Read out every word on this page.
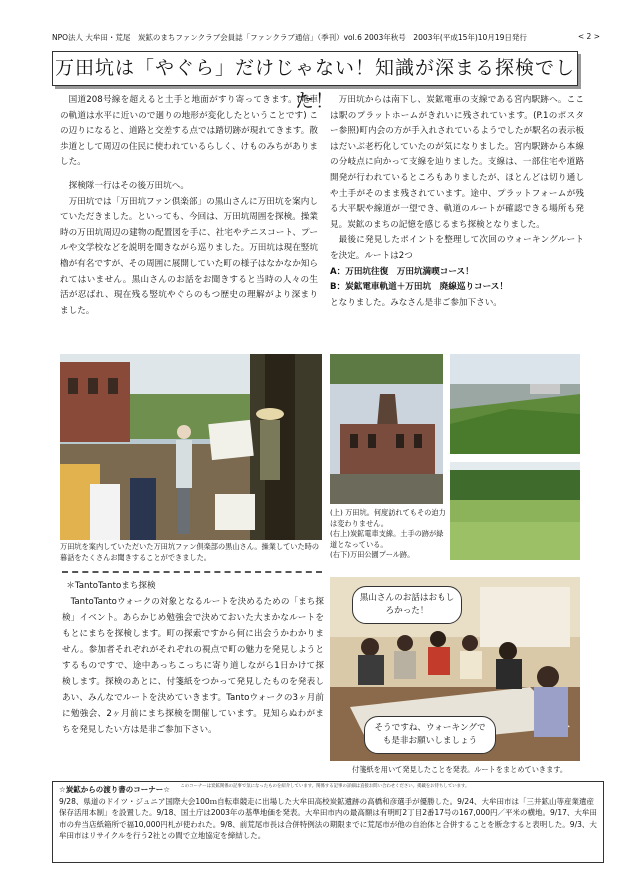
NPO法人 大牟田・荒尾　炭鉱のまちファンクラブ会員誌「ファンクラブ通信」（季刊）vol.6 2003年秋号　2003年(平成15年)10月19日発行	< 2 >
万田坑は「やぐら」だけじゃない！知識が深まる探検でした！

国道208号線を超えると土手と地面がすり寄ってきます。(電車の軌道は水平に近いので廻りの地形が変化したということです) この辺りになると、道路と交差する点では踏切跡が現れてきます。散歩道として周辺の住民に使われているらしく、けものみちがありました。

探検隊一行はその後万田坑へ。

万田坑では「万田坑ファン倶楽部」の黒山さんに万田坑を案内していただきました。といっても、今回は、万田坑周囲を探検。操業時の万田坑周辺の建物の配置図を手に、社宅やテニスコート、プールや文学校などを説明を聞きながら巡りました。万田坑は現在竪坑櫓が有名ですが、その周囲に展開していた町の様子はなかなか知られてはいません。黒山さんのお話をお聞きすると当時の人々の生活が忍ばれ、現在残る竪坑やぐらのもつ歴史の理解がより深まりました。

万田坑からは南下し、炭鉱電車の支線である宮内駅跡へ。ここは駅のプラットホームがきれいに残されています。(P.1のポスター参照)町内会の方が手入れされているようでしたが駅名の表示板はだいぶ老朽化していたのが気になりました。宮内駅跡から本線の分岐点に向かって支線を辿りました。支線は、一部住宅や道路開発が行われているところもありましたが、ほとんどは切り通しや土手がそのまま残されています。途中、プラットフォームが残る大平駅や線道が一望でき、軌道のルートが確認できる場所も発見。炭鉱のまちの記憶を感じるまち探検となりました。

最後に発見したポイントを整理して次回のウォーキングルートを決定。ルートは2つ

A：万田坑往復　万田坑満喫コース！

B：炭鉱電車軌道＋万田坑　廃線巡りコース！

となりました。みなさん是非ご参加下さい。

万田坑を案内していただいた万田坑ファン倶楽部の黒山さん。操業していた時の暮話をたくさんお聞きすることができました。
(上) 万田坑。何度訪れてもその迫力は変わりません。
(右上)炭鉱電車支線。土手の跡が緑道となっている。
(右下)万田公園プール跡。

＊TantoTantoまち探検

TantoTantoウォークの対象となるルートを決めるための「まち探検」イベント。あらかじめ勉強会で決めておいた大まかなルートをもとにまちを探検します。町の探索ですから何に出会うかわかりません。参加者それぞれがそれぞれの視点で町の魅力を発見しようとするものですで、途中あっちこっちに寄り道しながら1日かけて探検します。探検のあとに、付箋紙をつかって発見したものを発表しあい、みんなでルートを決めていきます。Tantoウォークの3ヶ月前に勉強会、2ヶ月前にまち探検を開催しています。見知らぬわがまちを発見したい方は是非ご参加下さい。

黒山さんのお話はおもしろかった！
そうですね、ウォーキングでも是非お願いしましょう
付箋紙を用いて発見したことを発表。ルートをまとめていきます。
☆炭鉱からの渡り書のコーナー☆ このコーナーは炭鉱関係の記事で気になったものを紹介しています。関係する記事の詳細は直接お問い合わせください。掲載をお待ちしています。
9/28、県道のドイツ・ジュニア国際大会100ｍ自転車競走に出場した大牟田高校炭鉱遺跡の高橋和彦選手が優勝した。9/24、大牟田市は「三井鉱山等産業遺産保存活用本制」を設置した。9/18、国土庁は2003年の基準地価を発表。大牟田市内の最高額は有明町2丁目2番17号の167,000円／平米の横地。9/17、大牟田市の弁当店紙箱所で福10,000円札が使われた。9/8、前荒尾市長は合併特例法の期限までに荒尾市が他の自治体と合併することを断念すると表明した。9/3、大牟田市はリサイクルを行う2社との間で立地協定を締結した。
